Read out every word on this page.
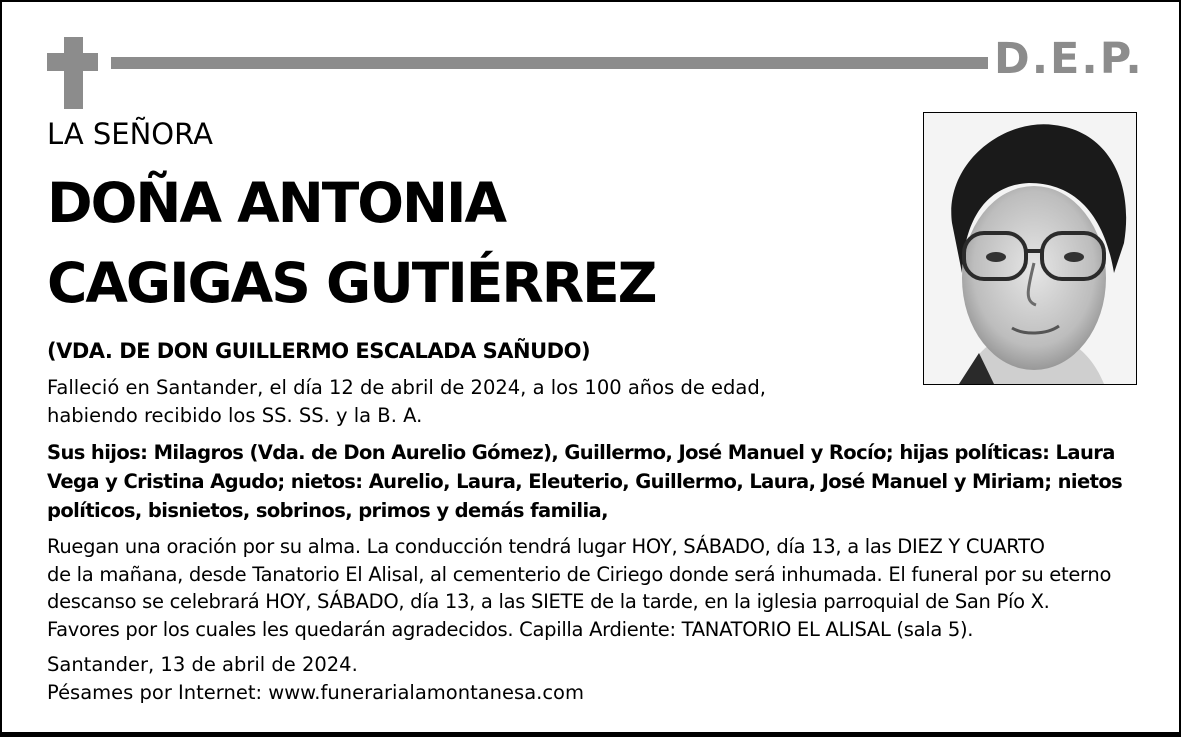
D.E.P.
LA SEÑORA
DOÑA ANTONIA
CAGIGAS GUTIÉRREZ
(VDA. DE DON GUILLERMO ESCALADA SAÑUDO)
Falleció en Santander, el día 12 de abril de 2024, a los 100 años de edad,
habiendo recibido los SS. SS. y la B. A.
Sus hijos: Milagros (Vda. de Don Aurelio Gómez), Guillermo, José Manuel y Rocío; hijas políticas: Laura
Vega y Cristina Agudo; nietos: Aurelio, Laura, Eleuterio, Guillermo, Laura, José Manuel y Miriam; nietos
políticos, bisnietos, sobrinos, primos y demás familia,
Ruegan una oración por su alma. La conducción tendrá lugar HOY, SÁBADO, día 13, a las DIEZ Y CUARTO
de la mañana, desde Tanatorio El Alisal, al cementerio de Ciriego donde será inhumada. El funeral por su eterno
descanso se celebrará HOY, SÁBADO, día 13, a las SIETE de la tarde, en la iglesia parroquial de San Pío X.
Favores por los cuales les quedarán agradecidos. Capilla Ardiente: TANATORIO EL ALISAL (sala 5).
Santander, 13 de abril de 2024.
Pésames por Internet: www.funerarialamontanesa.com
